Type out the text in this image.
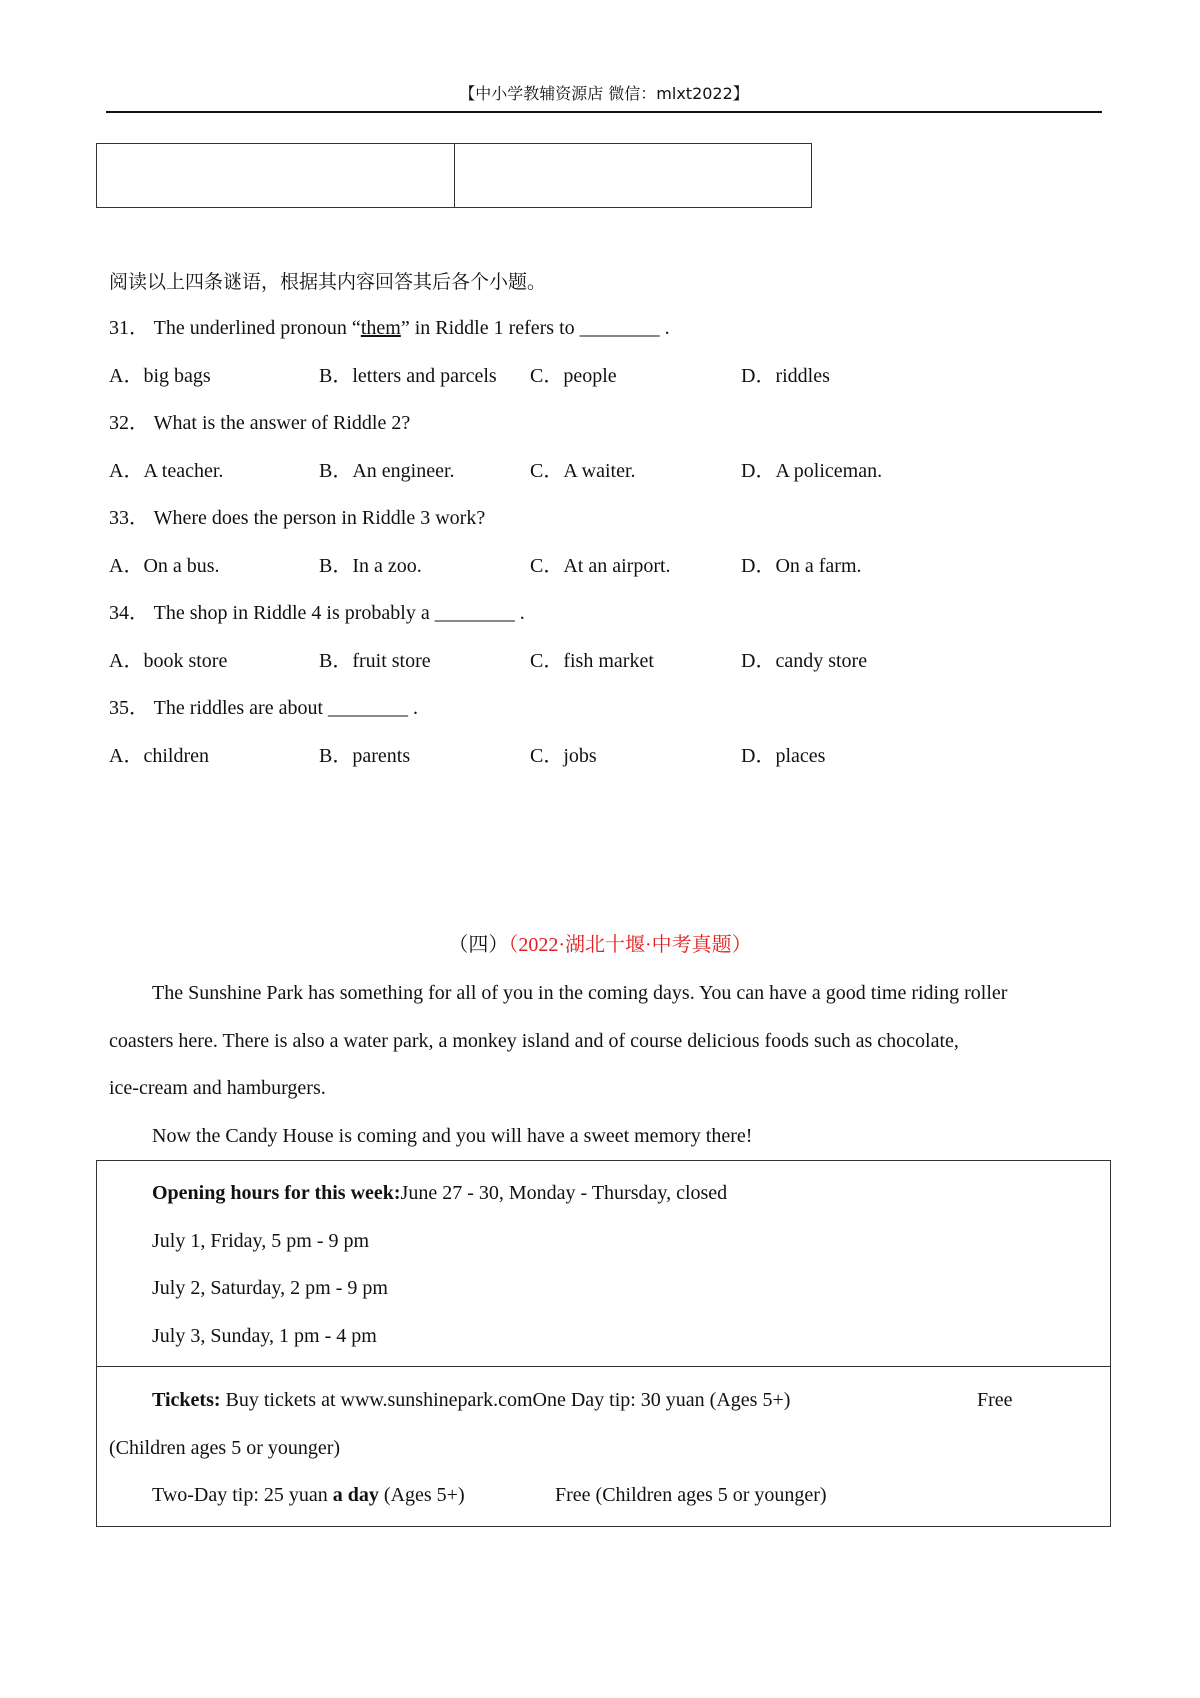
【中小学教辅资源店 微信：mlxt2022】
阅读以上四条谜语，根据其内容回答其后各个小题。
31． The underlined pronoun “them” in Riddle 1 refers to ________ .
A．big bags	B．letters and parcels C．people	D．riddles
32． What is the answer of Riddle 2?
A．A teacher.	B．An engineer.	C．A waiter.	D．A policeman.
33． Where does the person in Riddle 3 work?
A．On a bus.	B．In a zoo.	C．At an airport.	D．On a farm.
34． The shop in Riddle 4 is probably a ________ .
A．book store	B．fruit store	C．fish market	D．candy store
35． The riddles are about ________ .
A．children	B．parents	C．jobs	D．places
（四）（2022·湖北十堰·中考真题）
The Sunshine Park has something for all of you in the coming days. You can have a good time riding roller
coasters here. There is also a water park, a monkey island and of course delicious foods such as chocolate,
ice-cream and hamburgers.
Now the Candy House is coming and you will have a sweet memory there!
Opening hours for this week:June 27 - 30, Monday - Thursday, closed
July 1, Friday, 5 pm - 9 pm
July 2, Saturday, 2 pm - 9 pm
July 3, Sunday, 1 pm - 4 pm
Tickets: Buy tickets at www.sunshinepark.comOne Day tip: 30 yuan (Ages 5+)	Free
(Children ages 5 or younger)
Two-Day tip: 25 yuan a day (Ages 5+)	Free (Children ages 5 or younger)
